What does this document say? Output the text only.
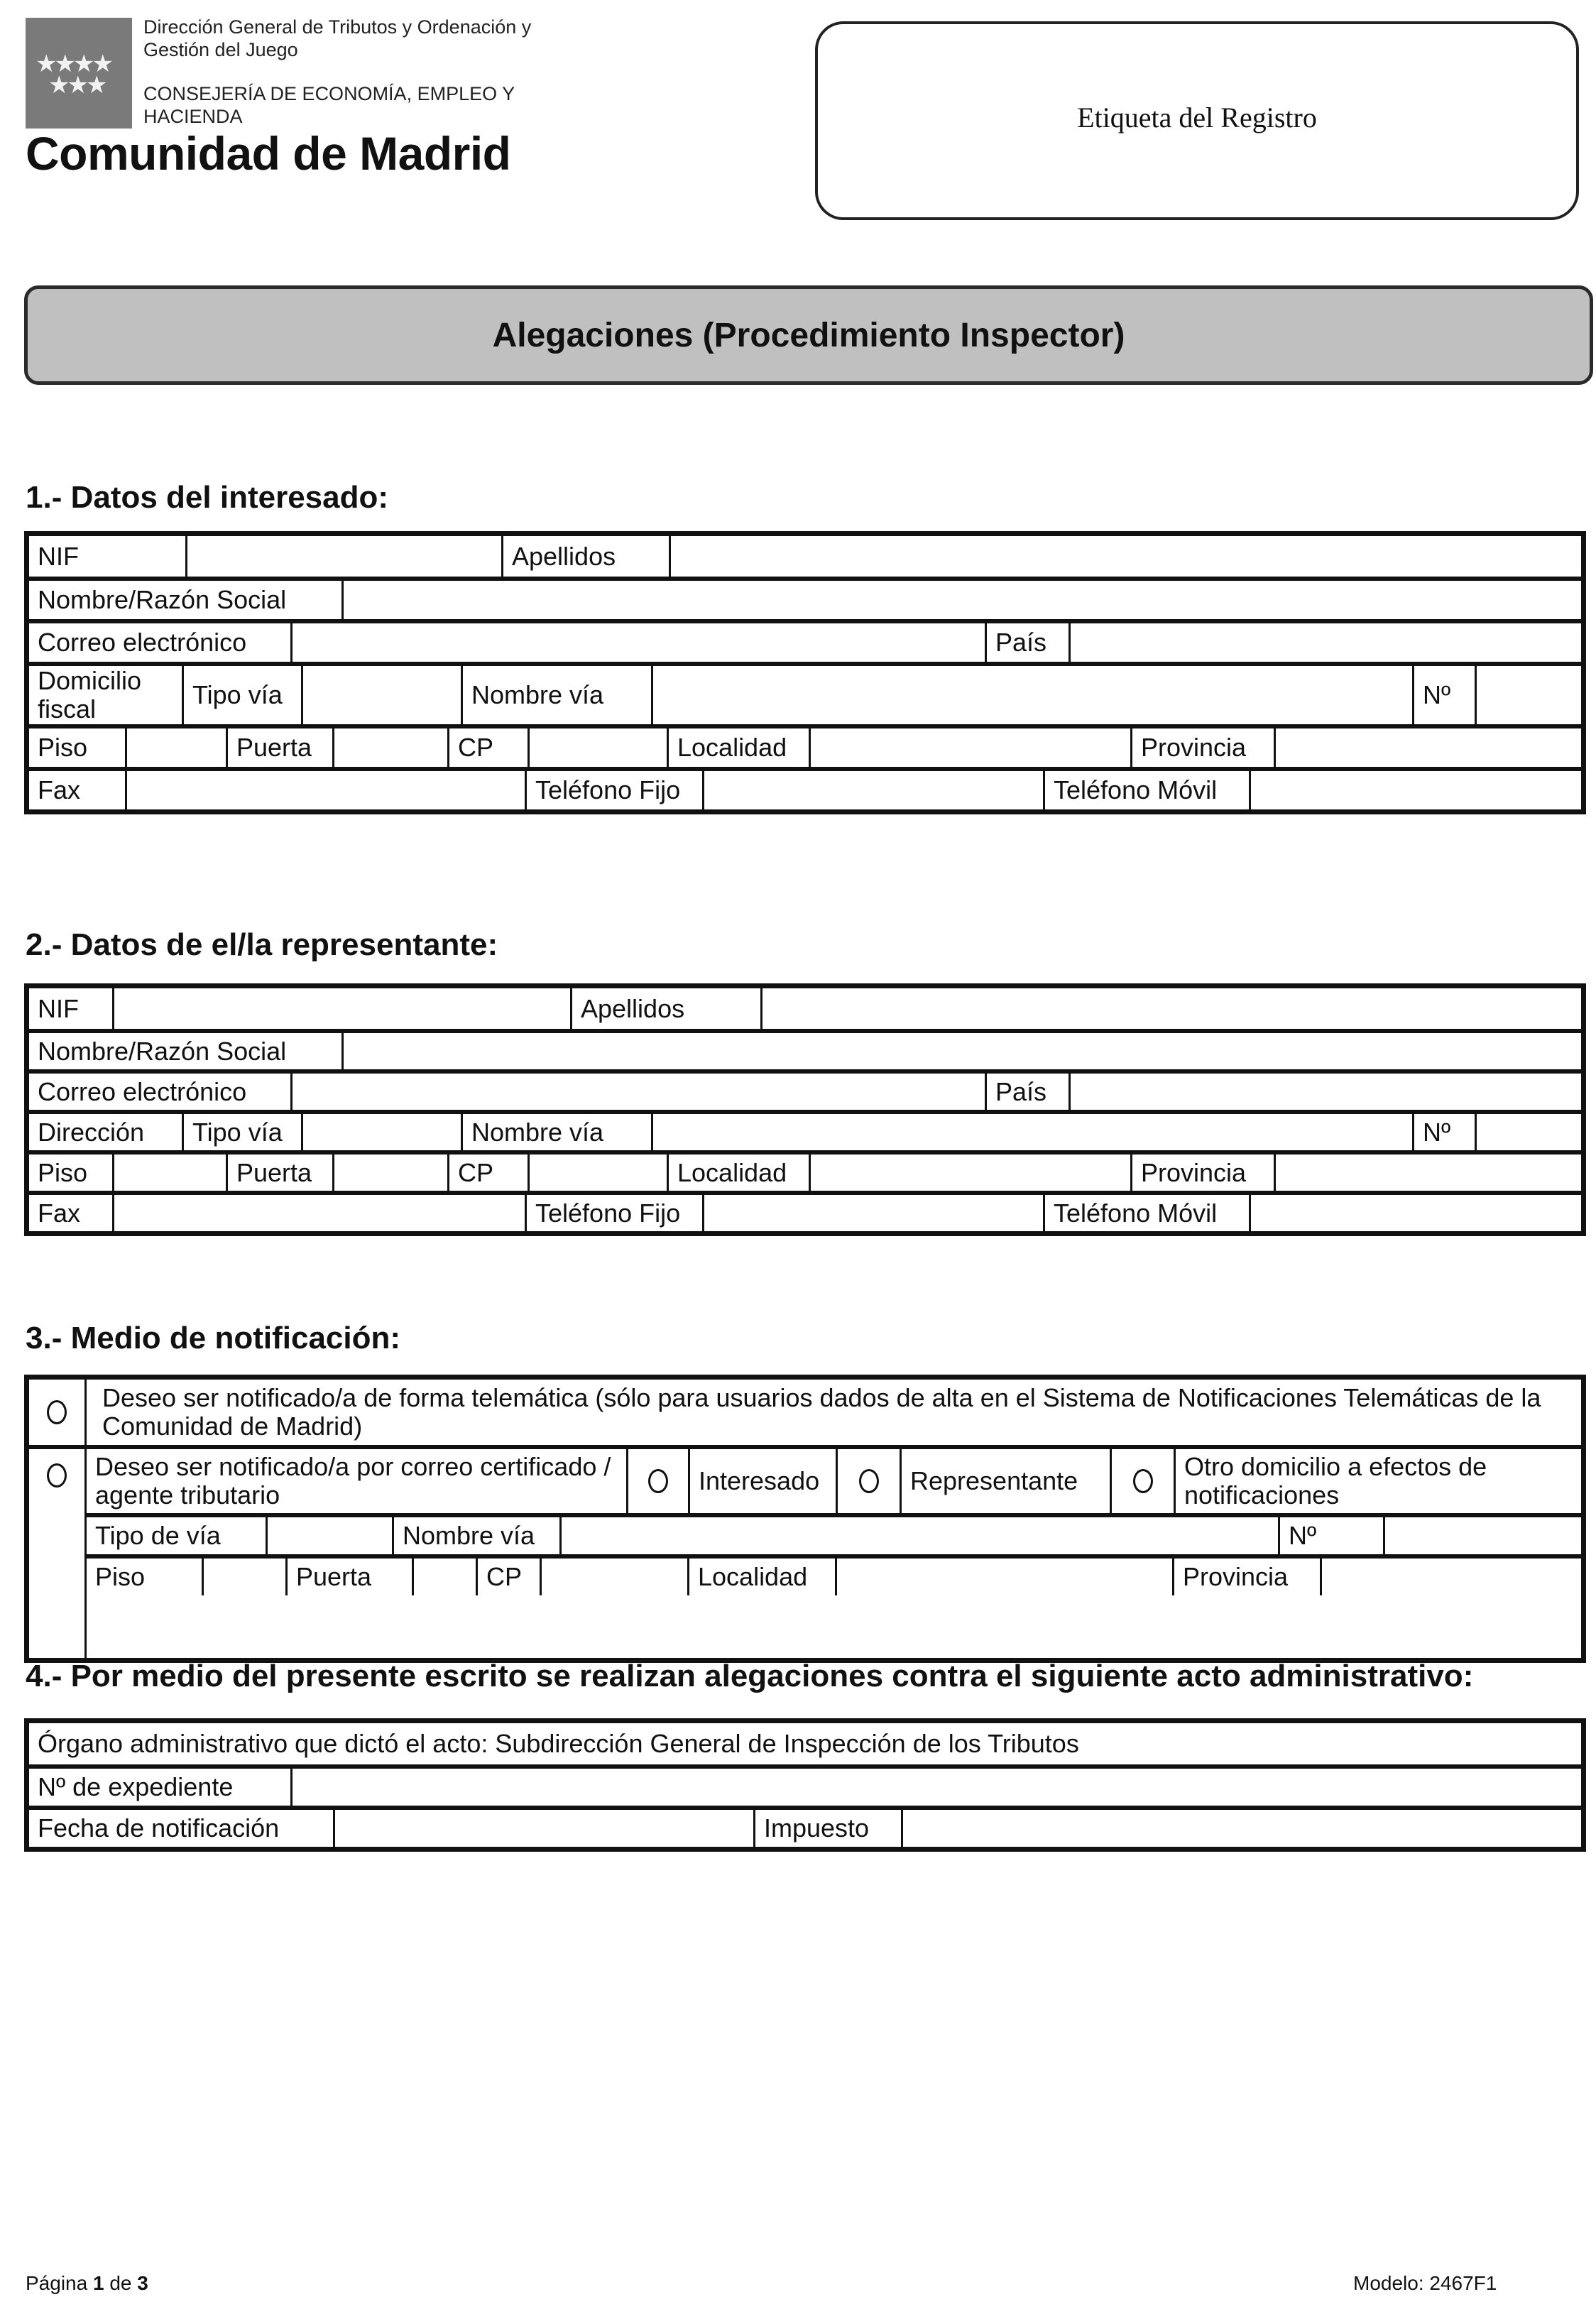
★★★★
★★★
Dirección General de Tributos y Ordenación y
Gestión del Juego
CONSEJERÍA DE ECONOMÍA, EMPLEO Y
HACIENDA
Comunidad de Madrid
Etiqueta del Registro
Alegaciones (Procedimiento Inspector)
1.- Datos del interesado:
NIF	Apellidos
Nombre/Razón Social
Correo electrónico	País
Domicilio fiscal	Tipo vía	Nombre vía	Nº
Piso	Puerta	CP	Localidad	Provincia
Fax	Teléfono Fijo	Teléfono Móvil
2.- Datos de el/la representante:
NIF	Apellidos
Nombre/Razón Social
Correo electrónico	País
Dirección	Tipo vía	Nombre vía	Nº
Piso	Puerta	CP	Localidad	Provincia
Fax	Teléfono Fijo	Teléfono Móvil
3.- Medio de notificación:
Deseo ser notificado/a de forma telemática (sólo para usuarios dados de alta en el Sistema de Notificaciones Telemáticas de la Comunidad de Madrid)
Deseo ser notificado/a por correo certificado / agente tributario	Interesado	Representante	Otro domicilio a efectos de notificaciones
Tipo de vía	Nombre vía	Nº
Piso	Puerta	CP	Localidad	Provincia
4.- Por medio del presente escrito se realizan alegaciones contra el siguiente acto administrativo:
Órgano administrativo que dictó el acto: Subdirección General de Inspección de los Tributos
Nº de expediente
Fecha de notificación	Impuesto
Página 1 de 3	Modelo: 2467F1
